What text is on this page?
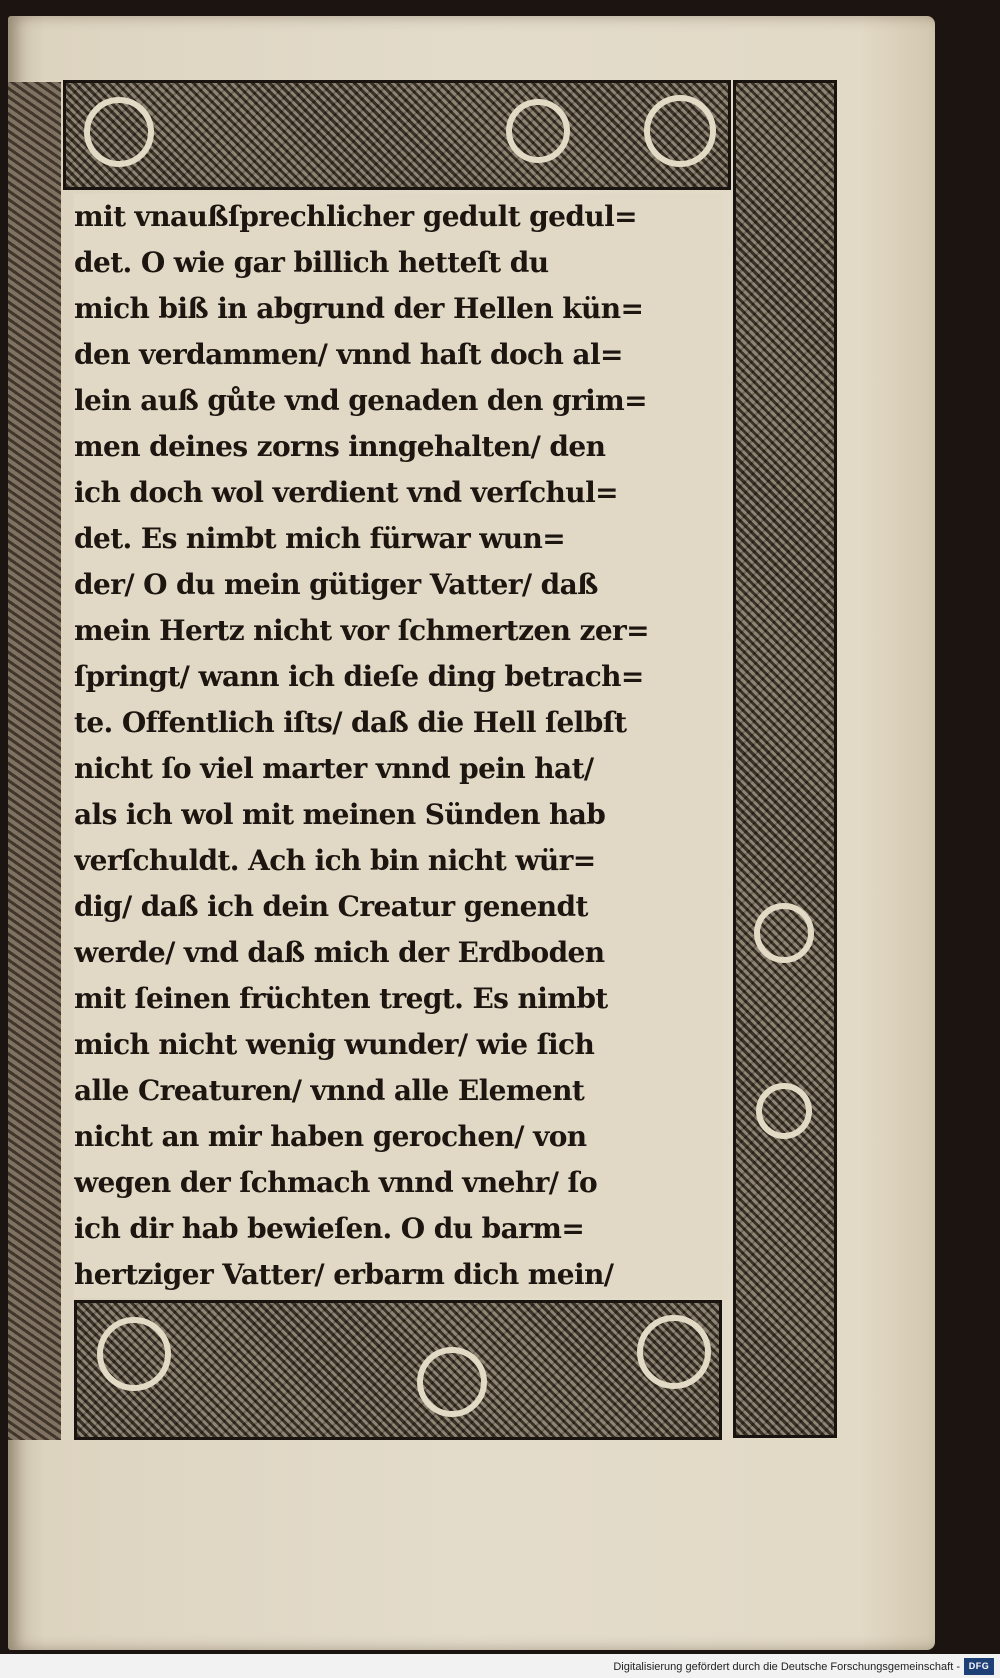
mit vnaußſprechlicher gedult gedul=
det. O wie gar billich hetteſt du
mich biß in abgrund der Hellen kün=
den verdammen/ vnnd haſt doch al=
lein auß gůte vnd genaden den grim=
men deines zorns inngehalten/ den
ich doch wol verdient vnd verſchul=
det. Es nimbt mich fürwar wun=
der/ O du mein gütiger Vatter/ daß
mein Hertz nicht vor ſchmertzen zer=
ſpringt/ wann ich dieſe ding betrach=
te. Offentlich iſts/ daß die Hell ſelbſt
nicht ſo viel marter vnnd pein hat/
als ich wol mit meinen Sünden hab
verſchuldt. Ach ich bin nicht wür=
dig/ daß ich dein Creatur genendt
werde/ vnd daß mich der Erdboden
mit ſeinen früchten tregt. Es nimbt
mich nicht wenig wunder/ wie ſich
alle Creaturen/ vnnd alle Element
nicht an mir haben gerochen/ von
wegen der ſchmach vnnd vnehr/ ſo
ich dir hab bewieſen. O du barm=
hertziger Vatter/ erbarm dich mein/
Digitalisierung gefördert durch die Deutsche Forschungsgemeinschaft - DFG
